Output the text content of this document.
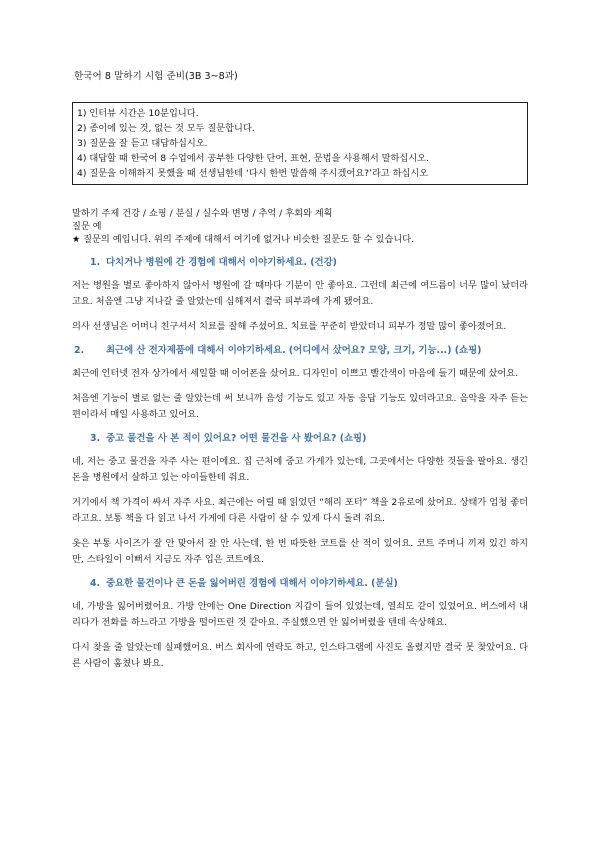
한국어 8 말하기 시험 준비(3B 3~8과)
1) 인터뷰 시간은 10분입니다.
2) 종이에 있는 것, 없는 것 모두 질문합니다.
3) 질문을 잘 듣고 대답하십시오.
4) 대답할 때 한국어 8 수업에서 공부한 다양한 단어, 표현, 문법을 사용해서 말하십시오.
4) 질문을 이해하지 못했을 때 선생님한테 ‘다시 한번 말씀해 주시겠어요?’라고 하십시오
말하기 주제 건강 / 쇼핑 / 분실 / 실수와 변명 / 추억 / 후회와 계획
질문 예
★ 질문의 예입니다. 위의 주제에 대해서 여기에 없거나 비슷한 질문도 할 수 있습니다.
1. 다치거나 병원에 간 경험에 대해서 이야기하세요. (건강)

저는 병원을 별로 좋아하지 않아서 병원에 갈 때마다 기분이 안 좋아요. 그런데 최근에 여드름이 너무 많이 났더라고요. 처음엔 그냥 지나갈 줄 알았는데 심해져서 결국 피부과에 가게 됐어요.

의사 선생님은 어머니 친구셔서 치료를 잘해 주셨어요. 치료를 꾸준히 받았더니 피부가 정말 많이 좋아졌어요.

2. 최근에 산 전자제품에 대해서 이야기하세요. (어디에서 샀어요? 모양, 크기, 기능...) (쇼핑)

최근에 인터넷 전자 상가에서 세일할 때 이어폰을 샀어요. 디자인이 이쁘고 빨간색이 마음에 들기 때문에 샀어요.

처음엔 기능이 별로 없는 줄 알았는데 써 보니까 음성 기능도 있고 자동 응답 기능도 있더라고요. 음악을 자주 듣는 편이라서 매일 사용하고 있어요.

3. 중고 물건을 사 본 적이 있어요? 어떤 물건을 사 봤어요? (쇼핑)

네, 저는 중고 물건을 자주 사는 편이에요. 집 근처에 중고 가게가 있는데, 그곳에서는 다양한 것들을 팔아요. 생긴 돈을 병원에서 살하고 있는 아이들한테 줘요.

거기에서 책 가격이 싸서 자주 사요. 최근에는 어릴 때 읽었던 “해리 포터” 책을 2유로에 샀어요. 상태가 엄청 좋더라고요. 보통 책을 다 읽고 나서 가게에 다른 사람이 살 수 있게 다시 돌려 줘요.

옷은 부통 사이즈가 잘 안 맞아서 잘 안 사는데, 한 번 따뜻한 코트를 산 적이 있어요. 코트 주머니 끼져 있긴 하지만, 스타일이 이뻐서 지금도 자주 입은 코트에요.

4. 중요한 물건이나 큰 돈을 잃어버린 경험에 대해서 이야기하세요. (분실)

네, 가방을 잃어버렸어요. 가방 안에는 One Direction 지갑이 들어 있었는데, 열쇠도 같이 있었어요. 버스에서 내리다가 전화를 하느라고 가방을 떨어뜨린 것 같아요. 주실했으면 안 잃어버렸을 텐데 속상해요.

다시 찾을 줄 알았는데 실패했어요. 버스 회사에 연락도 하고, 인스타그램에 사진도 올렸지만 결국 못 찾았어요. 다른 사람이 훔쳤나 봐요.
